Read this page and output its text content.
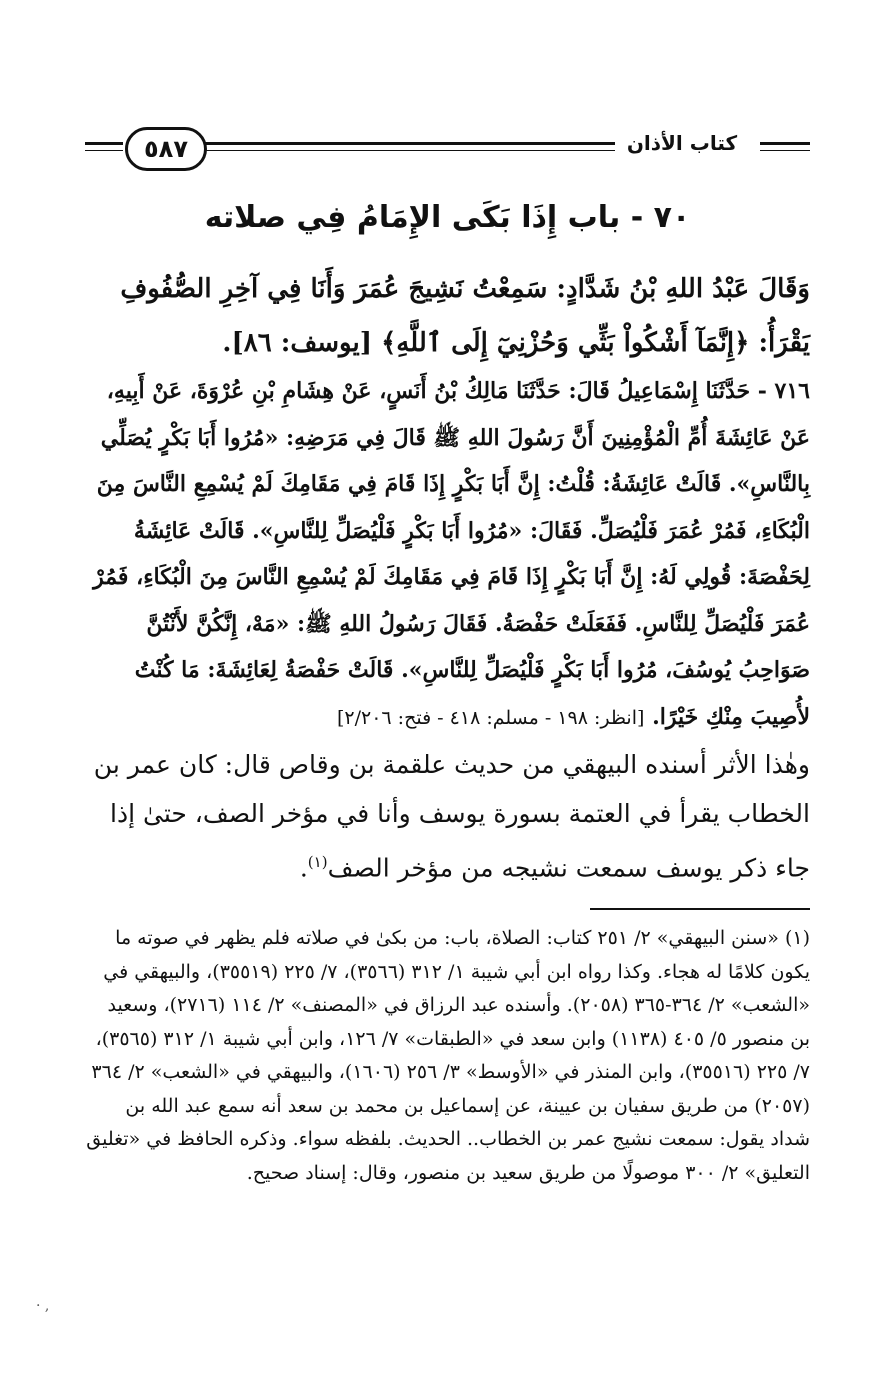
٥٨٧	كتاب الأذان
٧٠ - باب إِذَا بَكَى الإِمَامُ فِي صلاته

وَقَالَ عَبْدُ اللهِ بْنُ شَدَّادٍ: سَمِعْتُ نَشِيجَ عُمَرَ وَأَنَا فِي آخِرِ الصُّفُوفِ يَقْرَأُ: ﴿إِنَّمَآ أَشْكُواْ بَثِّي وَحُزْنِيٓ إِلَى ٱللَّهِ﴾ [يوسف: ٨٦].

٧١٦ - حَدَّثَنَا إِسْمَاعِيلُ قَالَ: حَدَّثَنَا مَالِكُ بْنُ أَنَسٍ، عَنْ هِشَامِ بْنِ عُرْوَةَ، عَنْ أَبِيهِ، عَنْ عَائِشَةَ أُمِّ الْمُؤْمِنِينَ أَنَّ رَسُولَ اللهِ ﷺ قَالَ فِي مَرَضِهِ: «مُرُوا أَبَا بَكْرٍ يُصَلِّي بِالنَّاسِ». قَالَتْ عَائِشَةُ: قُلْتُ: إِنَّ أَبَا بَكْرٍ إِذَا قَامَ فِي مَقَامِكَ لَمْ يُسْمِعِ النَّاسَ مِنَ الْبُكَاءِ، فَمُرْ عُمَرَ فَلْيُصَلِّ. فَقَالَ: «مُرُوا أَبَا بَكْرٍ فَلْيُصَلِّ لِلنَّاسِ». قَالَتْ عَائِشَةُ لِحَفْصَةَ: قُولِي لَهُ: إِنَّ أَبَا بَكْرٍ إِذَا قَامَ فِي مَقَامِكَ لَمْ يُسْمِعِ النَّاسَ مِنَ الْبُكَاءِ، فَمُرْ عُمَرَ فَلْيُصَلِّ لِلنَّاسِ. فَفَعَلَتْ حَفْصَةُ. فَقَالَ رَسُولُ اللهِ ﷺ: «مَهْ، إِنَّكُنَّ لأَنْتُنَّ صَوَاحِبُ يُوسُفَ، مُرُوا أَبَا بَكْرٍ فَلْيُصَلِّ لِلنَّاسِ». قَالَتْ حَفْصَةُ لِعَائِشَةَ: مَا كُنْتُ لأُصِيبَ مِنْكِ خَيْرًا. [انظر: ١٩٨ - مسلم: ٤١٨ - فتح: ٢/٢٠٦]

وهٰذا الأثر أسنده البيهقي من حديث علقمة بن وقاص قال: كان عمر بن الخطاب يقرأ في العتمة بسورة يوسف وأنا في مؤخر الصف، حتىٰ إذا جاء ذكر يوسف سمعت نشيجه من مؤخر الصف$^{(١)}$.

(١) «سنن البيهقي» ٢/ ٢٥١ كتاب: الصلاة، باب: من بكىٰ في صلاته فلم يظهر في صوته ما يكون كلامًا له هجاء. وكذا رواه ابن أبي شيبة ١/ ٣١٢ (٣٥٦٦)، ٧/ ٢٢٥ (٣٥٥١٩)، والبيهقي في «الشعب» ٢/ ٣٦٤-٣٦٥ (٢٠٥٨). وأسنده عبد الرزاق في «المصنف» ٢/ ١١٤ (٢٧١٦)، وسعيد بن منصور ٥/ ٤٠٥ (١١٣٨) وابن سعد في «الطبقات» ٧/ ١٢٦، وابن أبي شيبة ١/ ٣١٢ (٣٥٦٥)، ٧/ ٢٢٥ (٣٥٥١٦)، وابن المنذر في «الأوسط» ٣/ ٢٥٦ (١٦٠٦)، والبيهقي في «الشعب» ٢/ ٣٦٤ (٢٠٥٧) من طريق سفيان بن عيينة، عن إسماعيل بن محمد بن سعد أنه سمع عبد الله بن شداد يقول: سمعت نشيج عمر بن الخطاب.. الحديث. بلفظه سواء. وذكره الحافظ في «تغليق التعليق» ٢/ ٣٠٠ موصولًا من طريق سعيد بن منصور، وقال: إسناد صحيح.

· ,
